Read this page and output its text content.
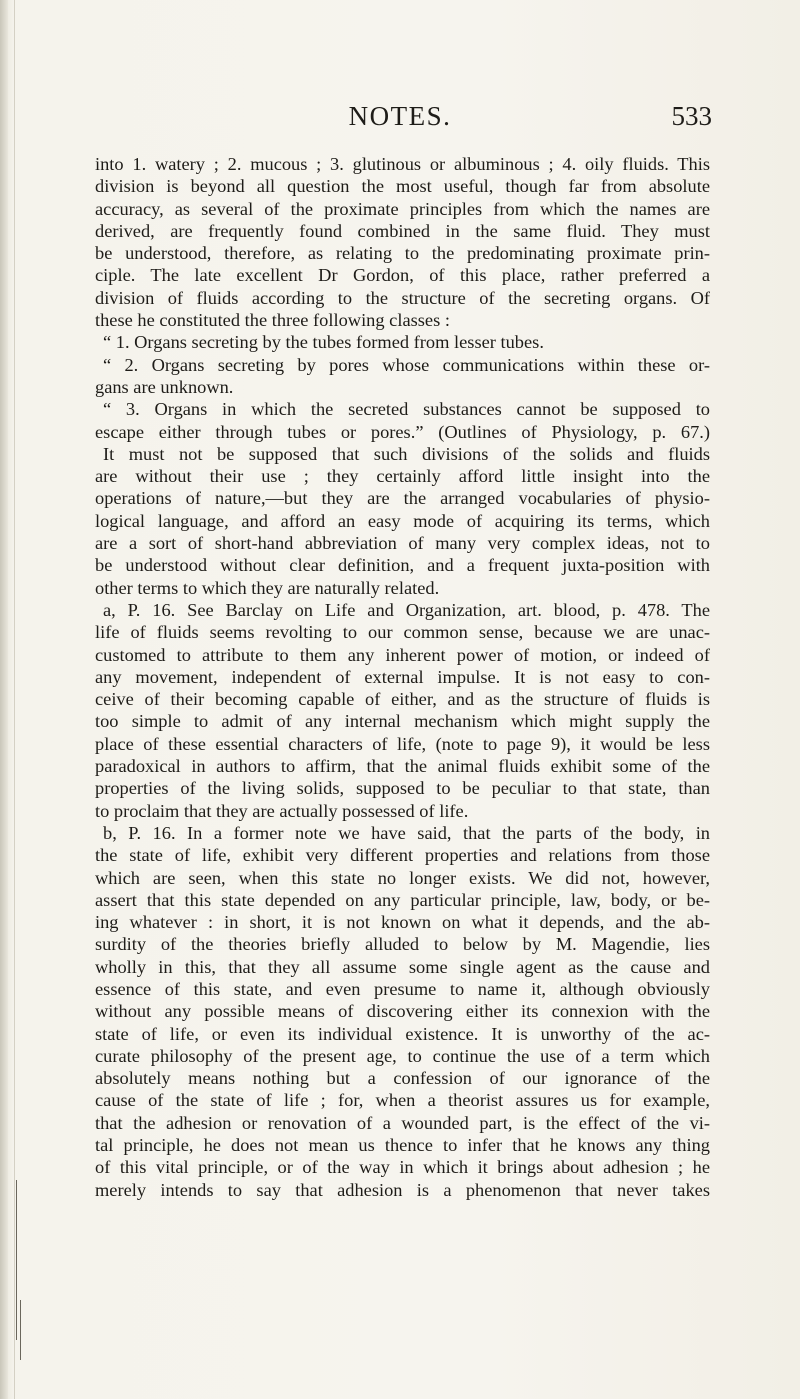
NOTES.	533
into 1. watery ; 2. mucous ; 3. glutinous or albuminous ; 4. oily fluids. This
division is beyond all question the most useful, though far from absolute
accuracy, as several of the proximate principles from which the names are
derived, are frequently found combined in the same fluid. They must
be understood, therefore, as relating to the predominating proximate prin-
ciple. The late excellent Dr Gordon, of this place, rather preferred a
division of fluids according to the structure of the secreting organs. Of
these he constituted the three following classes :
“ 1. Organs secreting by the tubes formed from lesser tubes.
“ 2. Organs secreting by pores whose communications within these or-
gans are unknown.
“ 3. Organs in which the secreted substances cannot be supposed to
escape either through tubes or pores.” (Outlines of Physiology, p. 67.)
It must not be supposed that such divisions of the solids and fluids
are without their use ; they certainly afford little insight into the
operations of nature,—but they are the arranged vocabularies of physio-
logical language, and afford an easy mode of acquiring its terms, which
are a sort of short-hand abbreviation of many very complex ideas, not to
be understood without clear definition, and a frequent juxta-position with
other terms to which they are naturally related.
a, P. 16. See Barclay on Life and Organization, art. blood, p. 478. The
life of fluids seems revolting to our common sense, because we are unac-
customed to attribute to them any inherent power of motion, or indeed of
any movement, independent of external impulse. It is not easy to con-
ceive of their becoming capable of either, and as the structure of fluids is
too simple to admit of any internal mechanism which might supply the
place of these essential characters of life, (note to page 9), it would be less
paradoxical in authors to affirm, that the animal fluids exhibit some of the
properties of the living solids, supposed to be peculiar to that state, than
to proclaim that they are actually possessed of life.
b, P. 16. In a former note we have said, that the parts of the body, in
the state of life, exhibit very different properties and relations from those
which are seen, when this state no longer exists. We did not, however,
assert that this state depended on any particular principle, law, body, or be-
ing whatever : in short, it is not known on what it depends, and the ab-
surdity of the theories briefly alluded to below by M. Magendie, lies
wholly in this, that they all assume some single agent as the cause and
essence of this state, and even presume to name it, although obviously
without any possible means of discovering either its connexion with the
state of life, or even its individual existence. It is unworthy of the ac-
curate philosophy of the present age, to continue the use of a term which
absolutely means nothing but a confession of our ignorance of the
cause of the state of life ; for, when a theorist assures us for example,
that the adhesion or renovation of a wounded part, is the effect of the vi-
tal principle, he does not mean us thence to infer that he knows any thing
of this vital principle, or of the way in which it brings about adhesion ; he
merely intends to say that adhesion is a phenomenon that never takes
